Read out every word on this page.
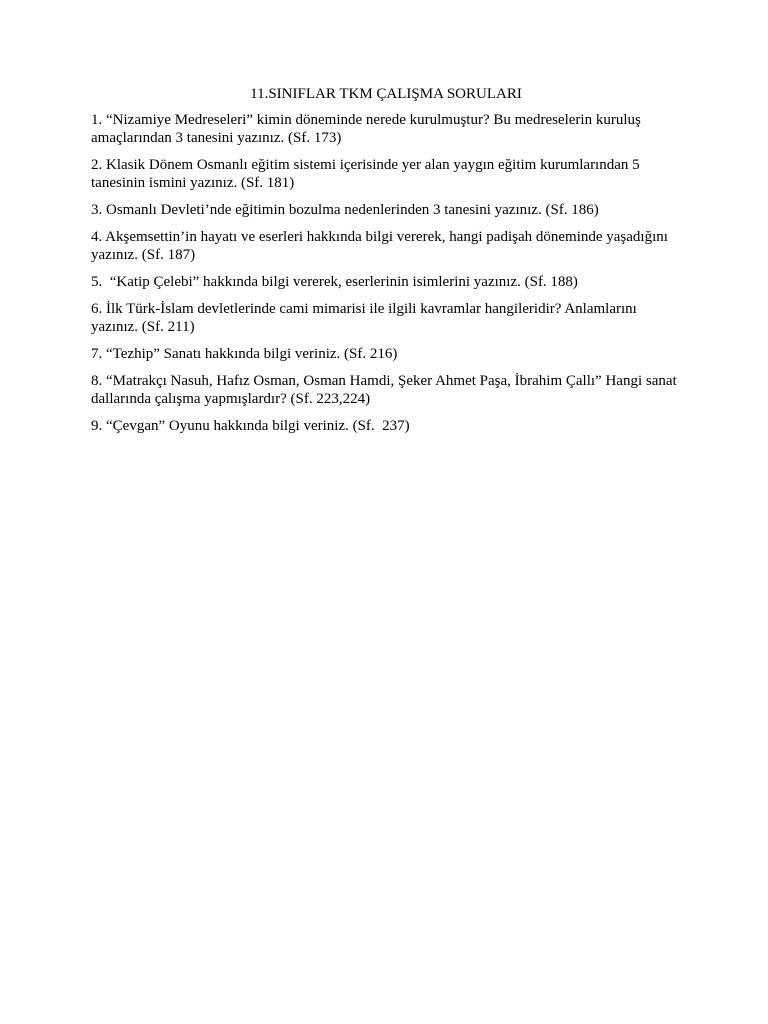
11.SINIFLAR TKM ÇALIŞMA SORULARI
1. “Nizamiye Medreseleri” kimin döneminde nerede kurulmuştur? Bu medreselerin kuruluş amaçlarından 3 tanesini yazınız. (Sf. 173)
2. Klasik Dönem Osmanlı eğitim sistemi içerisinde yer alan yaygın eğitim kurumlarından 5 tanesinin ismini yazınız. (Sf. 181)
3. Osmanlı Devleti’nde eğitimin bozulma nedenlerinden 3 tanesini yazınız. (Sf. 186)
4. Akşemsettin’in hayatı ve eserleri hakkında bilgi vererek, hangi padişah döneminde yaşadığını yazınız. (Sf. 187)
5.  “Katip Çelebi” hakkında bilgi vererek, eserlerinin isimlerini yazınız. (Sf. 188)
6. İlk Türk-İslam devletlerinde cami mimarisi ile ilgili kavramlar hangileridir? Anlamlarını yazınız. (Sf. 211)
7. “Tezhip” Sanatı hakkında bilgi veriniz. (Sf. 216)
8. “Matrakçı Nasuh, Hafız Osman, Osman Hamdi, Şeker Ahmet Paşa, İbrahim Çallı” Hangi sanat dallarında çalışma yapmışlardır? (Sf. 223,224)
9. “Çevgan” Oyunu hakkında bilgi veriniz. (Sf.  237)
